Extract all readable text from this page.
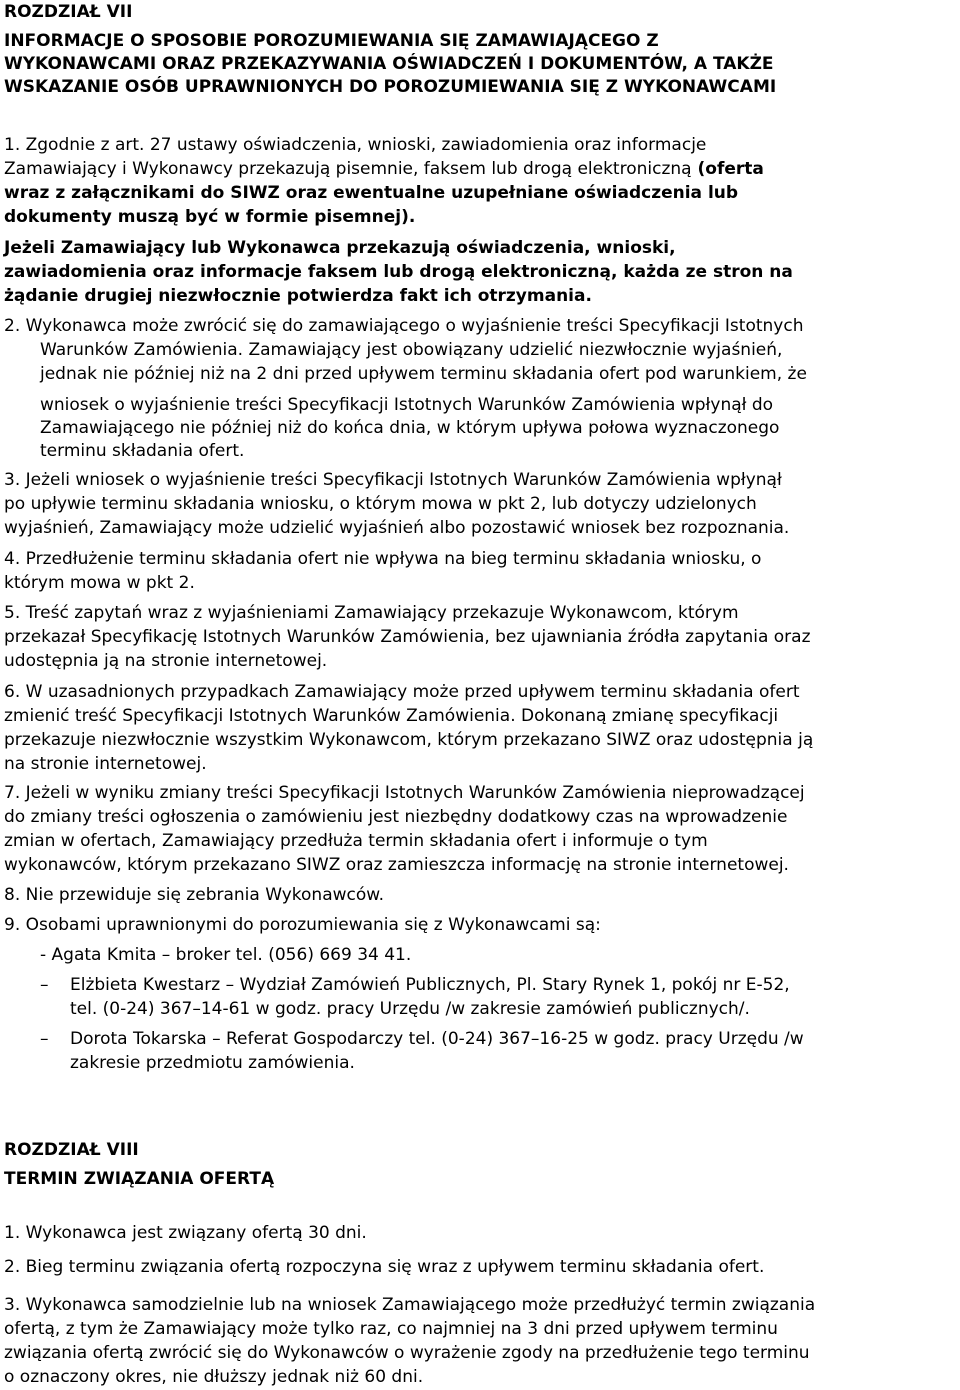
ROZDZIAŁ VII
INFORMACJE O SPOSOBIE POROZUMIEWANIA SIĘ ZAMAWIAJĄCEGO Z
WYKONAWCAMI ORAZ PRZEKAZYWANIA OŚWIADCZEŃ I DOKUMENTÓW, A TAKŻE
WSKAZANIE OSÓB UPRAWNIONYCH DO POROZUMIEWANIA SIĘ Z WYKONAWCAMI
1. Zgodnie z art. 27 ustawy oświadczenia, wnioski, zawiadomienia oraz informacje
Zamawiający i Wykonawcy przekazują pisemnie, faksem lub drogą elektroniczną (oferta
wraz z załącznikami do SIWZ oraz ewentualne uzupełniane oświadczenia lub
dokumenty muszą być w formie pisemnej).
Jeżeli Zamawiający lub Wykonawca przekazują oświadczenia, wnioski,
zawiadomienia oraz informacje faksem lub drogą elektroniczną, każda ze stron na
żądanie drugiej niezwłocznie potwierdza fakt ich otrzymania.
2. Wykonawca może zwrócić się do zamawiającego o wyjaśnienie treści Specyfikacji Istotnych
Warunków Zamówienia. Zamawiający jest obowiązany udzielić niezwłocznie wyjaśnień,
jednak nie później niż na 2 dni przed upływem terminu składania ofert pod warunkiem, że
wniosek o wyjaśnienie treści Specyfikacji Istotnych Warunków Zamówienia wpłynął do
Zamawiającego nie później niż do końca dnia, w którym upływa połowa wyznaczonego
terminu składania ofert.
3. Jeżeli wniosek o wyjaśnienie treści Specyfikacji Istotnych Warunków Zamówienia wpłynął
po upływie terminu składania wniosku, o którym mowa w pkt 2, lub dotyczy udzielonych
wyjaśnień, Zamawiający może udzielić wyjaśnień albo pozostawić wniosek bez rozpoznania.
4. Przedłużenie terminu składania ofert nie wpływa na bieg terminu składania wniosku, o
którym mowa w pkt 2.
5. Treść zapytań wraz z wyjaśnieniami Zamawiający przekazuje Wykonawcom, którym
przekazał Specyfikację Istotnych Warunków Zamówienia, bez ujawniania źródła zapytania oraz
udostępnia ją na stronie internetowej.
6. W uzasadnionych przypadkach Zamawiający może przed upływem terminu składania ofert
zmienić treść Specyfikacji Istotnych Warunków Zamówienia. Dokonaną zmianę specyfikacji
przekazuje niezwłocznie wszystkim Wykonawcom, którym przekazano SIWZ oraz udostępnia ją
na stronie internetowej.
7. Jeżeli w wyniku zmiany treści Specyfikacji Istotnych Warunków Zamówienia nieprowadzącej
do zmiany treści ogłoszenia o zamówieniu jest niezbędny dodatkowy czas na wprowadzenie
zmian w ofertach, Zamawiający przedłuża termin składania ofert i informuje o tym
wykonawców, którym przekazano SIWZ oraz zamieszcza informację na stronie internetowej.
8. Nie przewiduje się zebrania Wykonawców.
9. Osobami uprawnionymi do porozumiewania się z Wykonawcami są:
- Agata Kmita – broker tel. (056) 669 34 41.
– Elżbieta Kwestarz – Wydział Zamówień Publicznych, Pl. Stary Rynek 1, pokój nr E-52,
tel. (0-24) 367–14-61 w godz. pracy Urzędu /w zakresie zamówień publicznych/.
– Dorota Tokarska – Referat Gospodarczy tel. (0-24) 367–16-25 w godz. pracy Urzędu /w
zakresie przedmiotu zamówienia.
ROZDZIAŁ VIII
TERMIN ZWIĄZANIA OFERTĄ
1. Wykonawca jest związany ofertą 30 dni.
2. Bieg terminu związania ofertą rozpoczyna się wraz z upływem terminu składania ofert.
3. Wykonawca samodzielnie lub na wniosek Zamawiającego może przedłużyć termin związania
ofertą, z tym że Zamawiający może tylko raz, co najmniej na 3 dni przed upływem terminu
związania ofertą zwrócić się do Wykonawców o wyrażenie zgody na przedłużenie tego terminu
o oznaczony okres, nie dłuższy jednak niż 60 dni.
